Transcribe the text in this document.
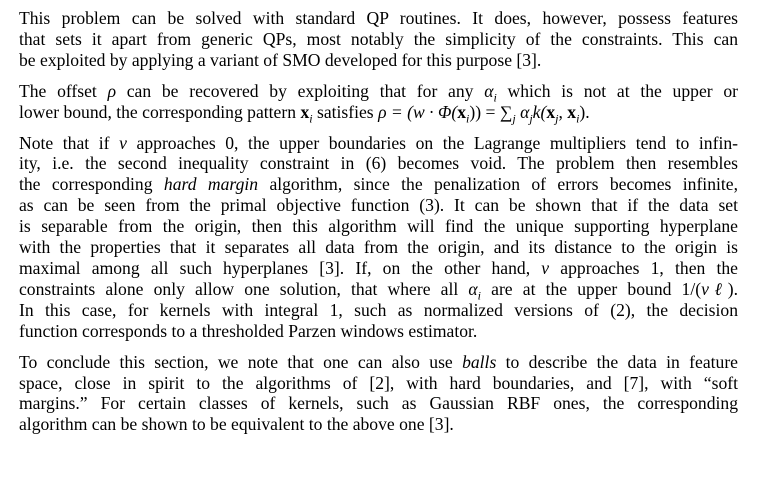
This problem can be solved with standard QP routines. It does, however, possess features
that sets it apart from generic QPs, most notably the simplicity of the constraints. This can
be exploited by applying a variant of SMO developed for this purpose [3].
The offset ρ can be recovered by exploiting that for any $\alpha_i$ which is not at the upper or
lower bound, the corresponding pattern $x_i$ satisfies $\rho = (w \cdot \Phi(x_i)) = \sum_j$ $\alpha_jk(x_j$, $x_i$).
Note that if ν approaches 0, the upper boundaries on the Lagrange multipliers tend to infin-
ity, i.e. the second inequality constraint in (6) becomes void. The problem then resembles
the corresponding hard margin algorithm, since the penalization of errors becomes infinite,
as can be seen from the primal objective function (3). It can be shown that if the data set
is separable from the origin, then this algorithm will find the unique supporting hyperplane
with the properties that it separates all data from the origin, and its distance to the origin is
maximal among all such hyperplanes [3]. If, on the other hand, ν approaches 1, then the
constraints alone only allow one solution, that where all $\alpha_i$ are at the upper bound 1/(νℓ).
In this case, for kernels with integral 1, such as normalized versions of (2), the decision
function corresponds to a thresholded Parzen windows estimator.
To conclude this section, we note that one can also use balls to describe the data in feature
space, close in spirit to the algorithms of [2], with hard boundaries, and [7], with “soft
margins.” For certain classes of kernels, such as Gaussian RBF ones, the corresponding
algorithm can be shown to be equivalent to the above one [3].
